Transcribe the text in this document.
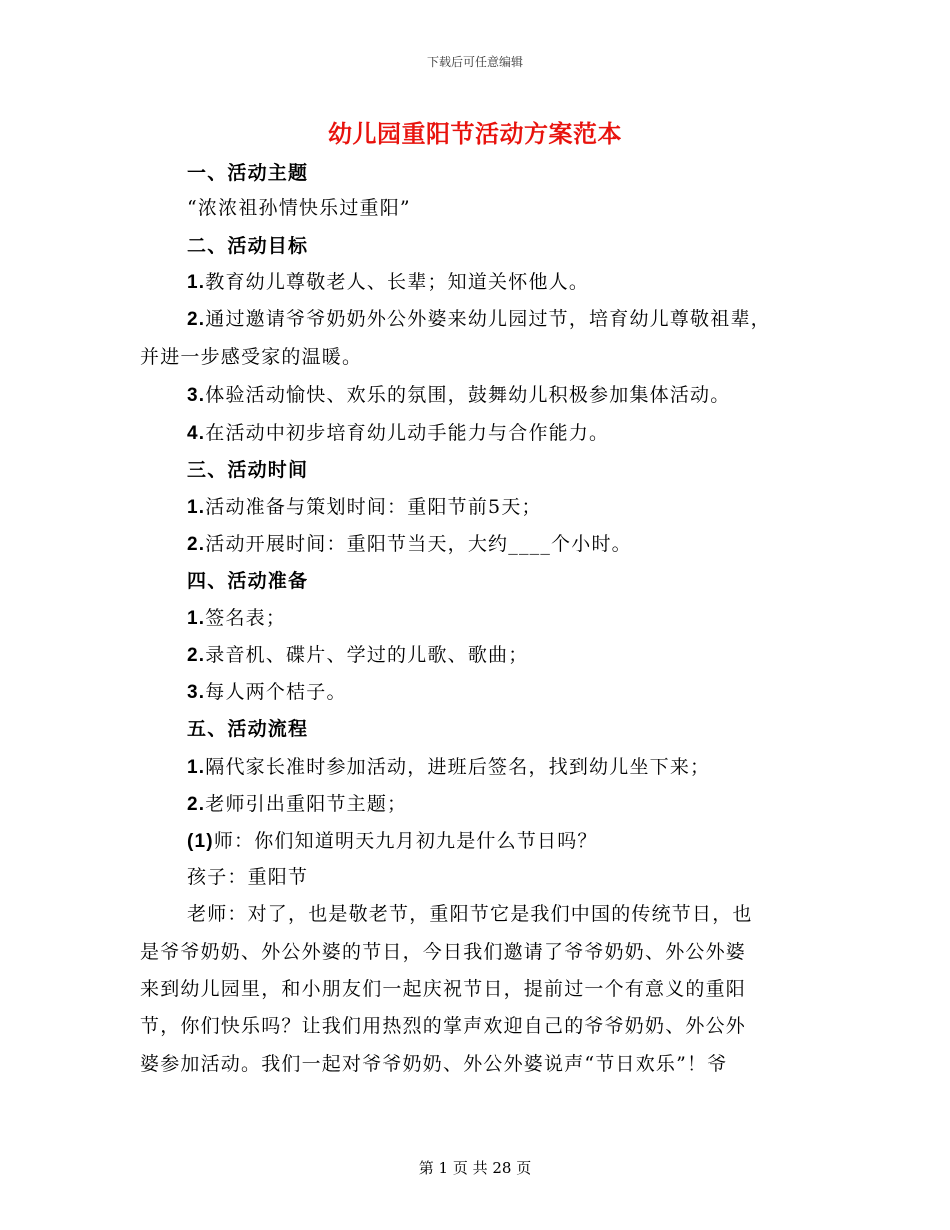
下载后可任意编辑
幼儿园重阳节活动方案范本
一、活动主题
“浓浓祖孙情快乐过重阳”
二、活动目标
1.教育幼儿尊敬老人、长辈；知道关怀他人。
2.通过邀请爷爷奶奶外公外婆来幼儿园过节，培育幼儿尊敬祖辈，
并进一步感受家的温暖。
3.体验活动愉快、欢乐的氛围，鼓舞幼儿积极参加集体活动。
4.在活动中初步培育幼儿动手能力与合作能力。
三、活动时间
1.活动准备与策划时间：重阳节前5天；
2.活动开展时间：重阳节当天，大约____个小时。
四、活动准备
1.签名表；
2.录音机、碟片、学过的儿歌、歌曲；
3.每人两个桔子。
五、活动流程
1.隔代家长准时参加活动，进班后签名，找到幼儿坐下来；
2.老师引出重阳节主题；
(1)师：你们知道明天九月初九是什么节日吗？
孩子：重阳节
老师：对了，也是敬老节，重阳节它是我们中国的传统节日，也
是爷爷奶奶、外公外婆的节日，今日我们邀请了爷爷奶奶、外公外婆
来到幼儿园里，和小朋友们一起庆祝节日，提前过一个有意义的重阳
节，你们快乐吗？让我们用热烈的掌声欢迎自己的爷爷奶奶、外公外
婆参加活动。我们一起对爷爷奶奶、外公外婆说声“节日欢乐”！爷
第 1 页 共 28 页
